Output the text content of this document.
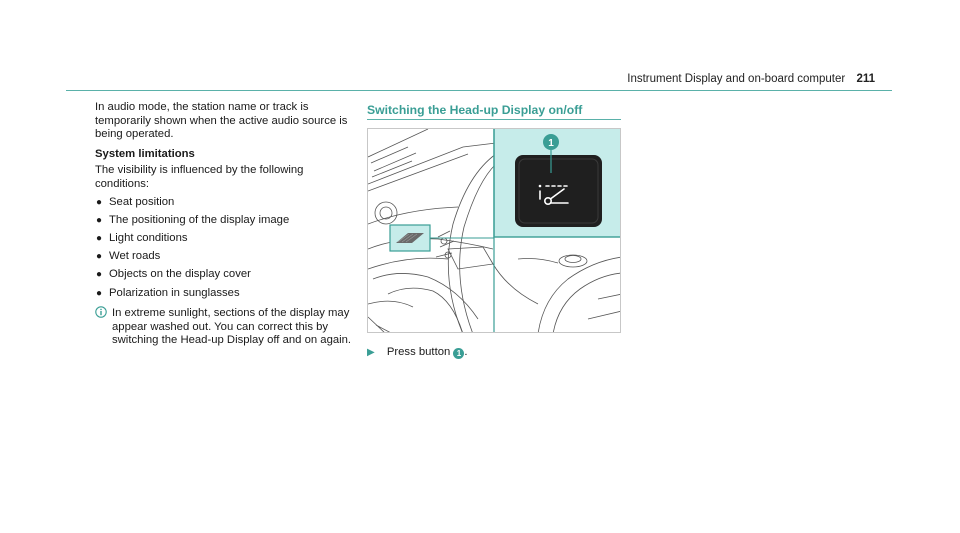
Instrument Display and on-board computer 211

In audio mode, the station name or track is temporarily shown when the active audio source is being operated.

System limitations

The visibility is influenced by the following conditions:

● Seat position
● The positioning of the display image
● Light conditions
● Wet roads
● Objects on the display cover
● Polarization in sunglasses
In extreme sunlight, sections of the display may appear washed out. You can correct this by switching the Head-up Display off and on again.
Switching the Head-up Display on/off
1
▶ Press button 1 .
